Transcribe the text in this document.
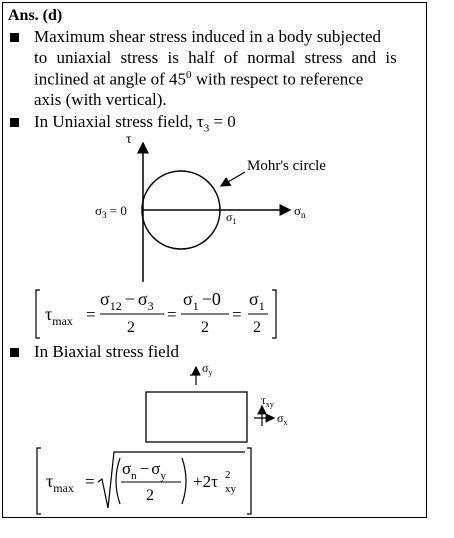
Ans. (d)
Maximum shear stress induced in a body subjected
to uniaxial stress is half of normal stress and is
inclined at angle of $45^0$ with respect to reference
axis (with vertical).
In Uniaxial stress field, $\tau_3 = 0$
In Biaxial stress field
τ
Mohr's circle
$\sigma_3 = 0$	$\sigma_1$
$\sigma_n$
$\tau_{max}$ =
$\sigma_{12} - \sigma_3$
2
=
$\sigma_1 -0$
2
=
$\sigma_1$
2
$\sigma_y$
$\tau_{xy}$
$\sigma_x$
$\tau_{max}$ =
$\sigma_n - \sigma_y$
2
+2τ 2
xy
